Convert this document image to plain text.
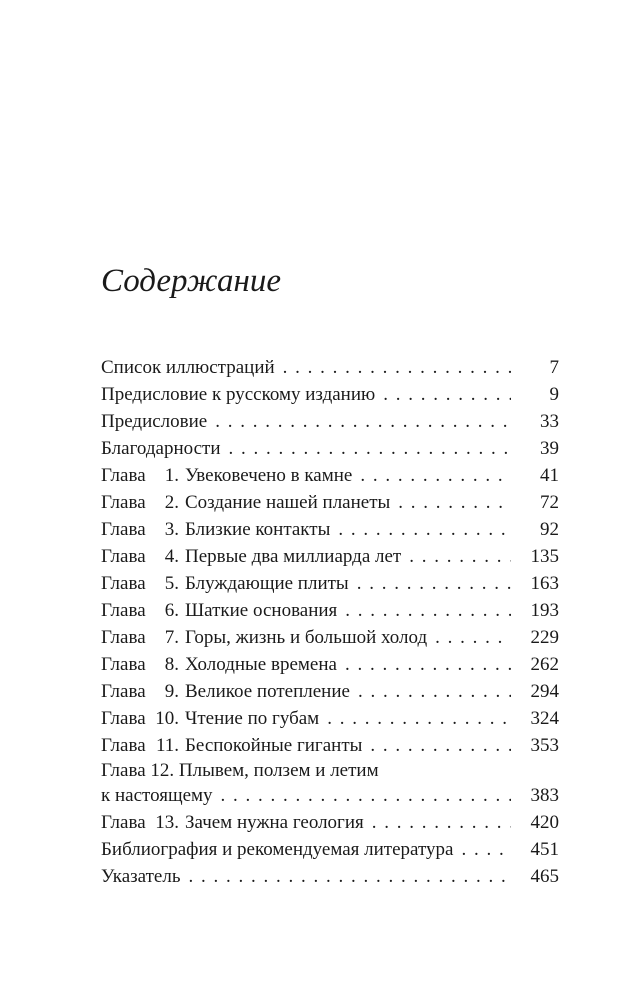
Содержание
Список иллюстраций . . .	7
Предисловие к русскому изданию . . .	9
Предисловие . . .	33
Благодарности . . .	39
Глава	1. Увековечено в камне . . .	41
Глава	2. Создание нашей планеты . . .	72
Глава	3. Близкие контакты . . .	92
Глава	4. Первые два миллиарда лет . . .	135
Глава	5. Блуждающие плиты . . .	163
Глава	6. Шаткие основания . . .	193
Глава	7. Горы, жизнь и большой холод . . .	229
Глава	8. Холодные времена . . .	262
Глава	9. Великое потепление . . .	294
Глава 10. Чтение по губам . . .	324
Глава 11. Беспокойные гиганты . . .	353
Глава 12. Плывем, ползем и летим
к настоящему . . .	383
Глава 13. Зачем нужна геология . . .	420
Библиография и рекомендуемая литература . . .	451
Указатель . . .	465
